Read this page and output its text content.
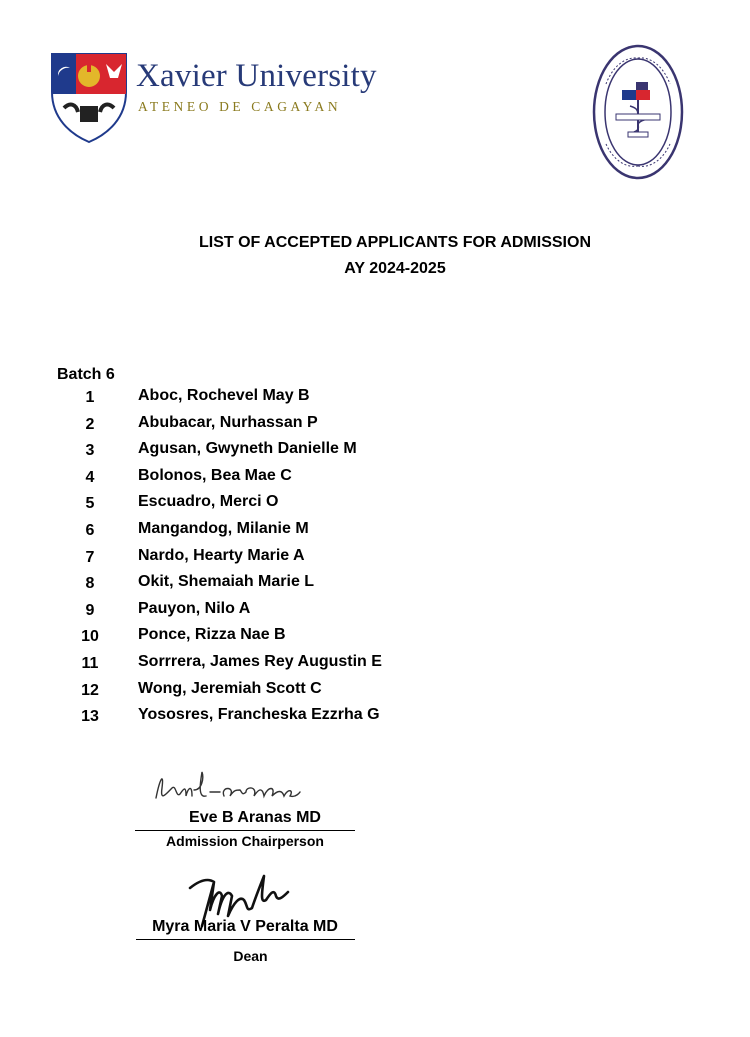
Xavier University
ATENEO DE CAGAYAN
LIST OF ACCEPTED APPLICANTS FOR ADMISSION
AY 2024-2025
Batch 6
1	Aboc, Rochevel May B
2	Abubacar, Nurhassan P
3	Agusan, Gwyneth Danielle M
4	Bolonos, Bea Mae C
5	Escuadro, Merci O
6	Mangandog, Milanie M
7	Nardo, Hearty Marie A
8	Okit, Shemaiah Marie L
9	Pauyon, Nilo A
10	Ponce, Rizza Nae B
11	Sorrrera, James Rey Augustin E
12	Wong, Jeremiah Scott C
13	Yososres, Francheska Ezzrha G
Eve B Aranas MD
Admission Chairperson
Myra Maria V Peralta MD
Dean
